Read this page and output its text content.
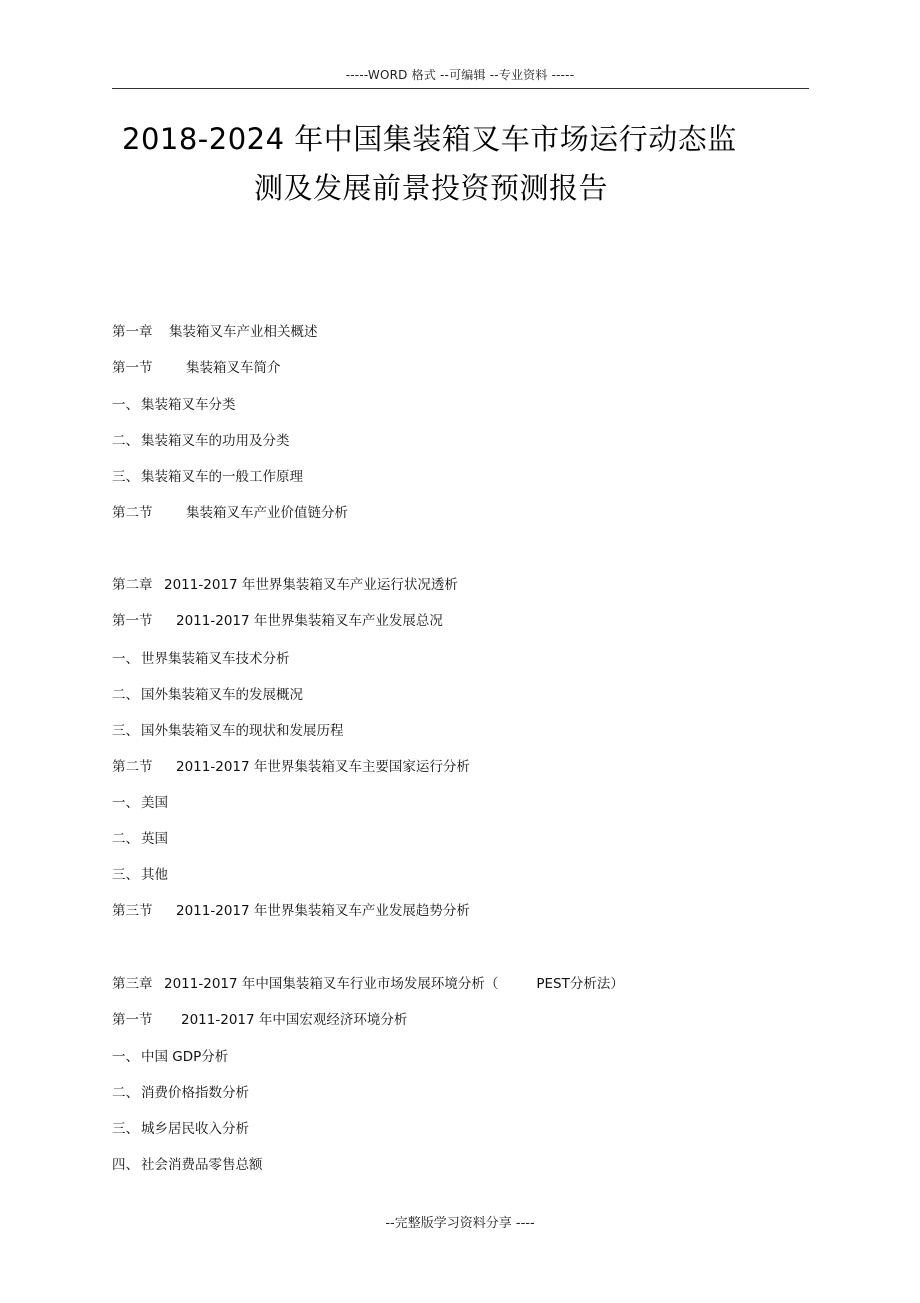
-----WORD 格式 --可编辑 --专业资料 -----
2018-2024 年中国集装箱叉车市场运行动态监
测及发展前景投资预测报告
第一章 集装箱叉车产业相关概述
第一节 集装箱叉车简介
一、 集装箱叉车分类
二、 集装箱叉车的功用及分类
三、 集装箱叉车的一般工作原理
第二节 集装箱叉车产业价值链分析
第二章 2011-2017 年世界集装箱叉车产业运行状况透析
第一节 2011-2017 年世界集装箱叉车产业发展总况
一、 世界集装箱叉车技术分析
二、 国外集装箱叉车的发展概况
三、 国外集装箱叉车的现状和发展历程
第二节 2011-2017 年世界集装箱叉车主要国家运行分析
一、 美国
二、 英国
三、 其他
第三节 2011-2017 年世界集装箱叉车产业发展趋势分析
第三章 2011-2017 年中国集装箱叉车行业市场发展环境分析（	PEST分析法）
第一节 2011-2017 年中国宏观经济环境分析
一、 中国 GDP分析
二、 消费价格指数分析
三、 城乡居民收入分析
四、 社会消费品零售总额
--完整版学习资料分享 ----
